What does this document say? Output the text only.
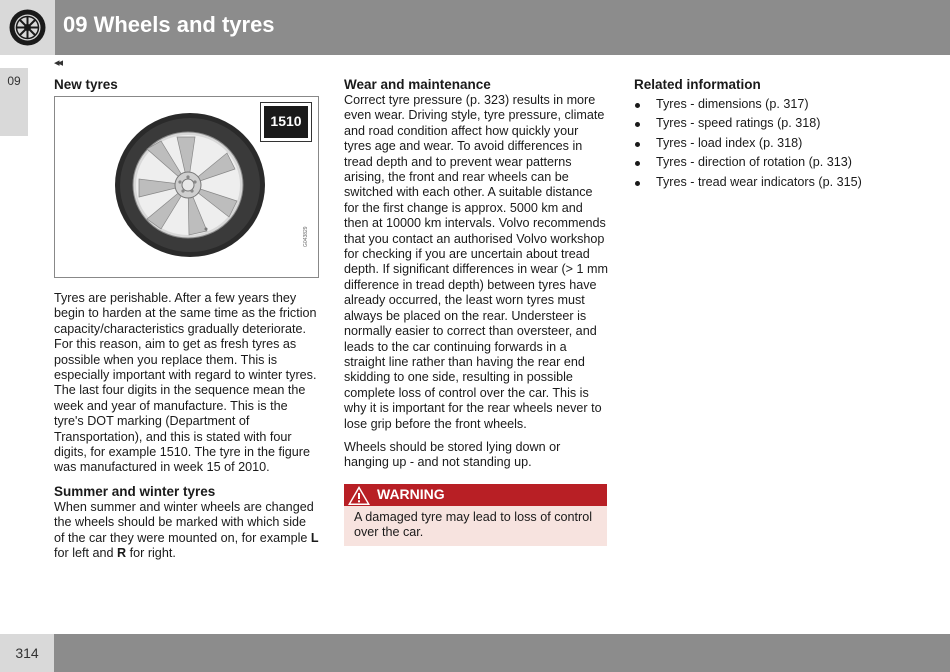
09 Wheels and tyres
◂◂
09	New tyres
1510
G043829

Tyres are perishable. After a few years they begin to harden at the same time as the friction capacity/characteristics gradually deteriorate. For this reason, aim to get as fresh tyres as possible when you replace them. This is especially important with regard to winter tyres. The last four digits in the sequence mean the week and year of manufacture. This is the tyre's DOT marking (Department of Transportation), and this is stated with four digits, for example 1510. The tyre in the figure was manufactured in week 15 of 2010.

Summer and winter tyres

When summer and winter wheels are changed the wheels should be marked with which side of the car they were mounted on, for example L for left and R for right.

Wear and maintenance

Correct tyre pressure (p. 323) results in more even wear. Driving style, tyre pressure, climate and road condition affect how quickly your tyres age and wear. To avoid differences in tread depth and to prevent wear patterns arising, the front and rear wheels can be switched with each other. A suitable distance for the first change is approx. 5000 km and then at 10000 km intervals. Volvo recommends that you contact an authorised Volvo workshop for checking if you are uncertain about tread depth. If significant differences in wear (> 1 mm difference in tread depth) between tyres have already occurred, the least worn tyres must always be placed on the rear. Understeer is normally easier to correct than oversteer, and leads to the car continuing forwards in a straight line rather than having the rear end skidding to one side, resulting in possible complete loss of control over the car. This is why it is important for the rear wheels never to lose grip before the front wheels.

Wheels should be stored lying down or hanging up - and not standing up.

WARNING
A damaged tyre may lead to loss of control over the car.
Related information
Tyres - dimensions (p. 317)
Tyres - speed ratings (p. 318)
Tyres - load index (p. 318)
Tyres - direction of rotation (p. 313)
Tyres - tread wear indicators (p. 315)
314
